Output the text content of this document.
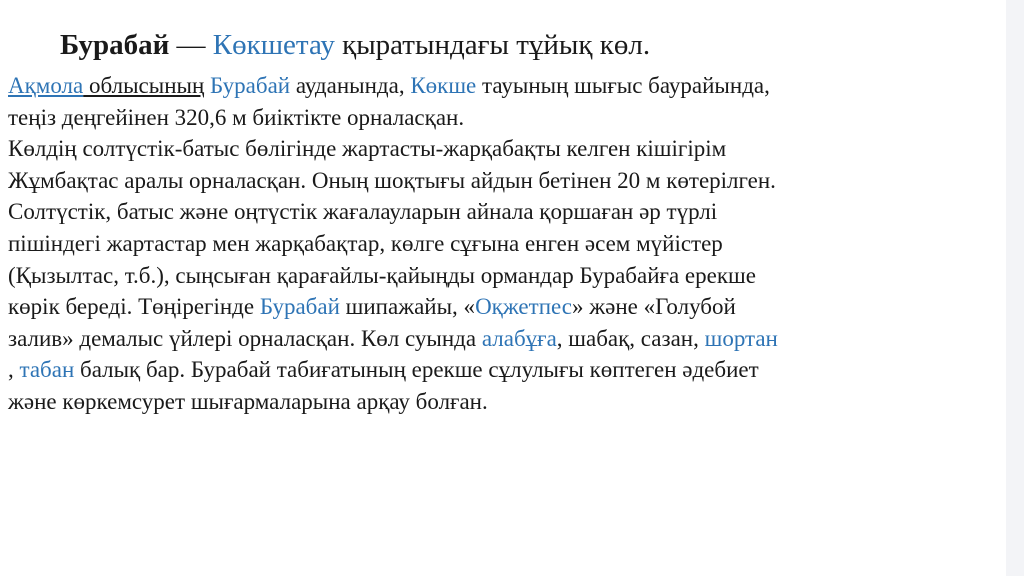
Бурабай — Көкшетау қыратындағы тұйық көл.
Ақмола облысының Бурабай ауданында, Көкше тауының шығыс баурайында,
теңіз деңгейінен 320,6 м биіктікте орналасқан.
Көлдің солтүстік-батыс бөлігінде жартасты-жарқабақты келген кішігірім
Жұмбақтас аралы орналасқан. Оның шоқтығы айдын бетінен 20 м көтерілген.
Солтүстік, батыс және оңтүстік жағалауларын айнала қоршаған әр түрлі
пішіндегі жартастар мен жарқабақтар, көлге сұғына енген әсем мүйістер
(Қызылтас, т.б.), сыңсыған қарағайлы-қайыңды ормандар Бурабайға ерекше
көрік береді. Төңірегінде Бурабай шипажайы, «Оқжетпес» және «Голубой
залив» демалыс үйлері орналасқан. Көл суында алабұға, шабақ, сазан, шортан
, табан балық бар. Бурабай табиғатының ерекше сұлулығы көптеген әдебиет
және көркемсурет шығармаларына арқау болған.
